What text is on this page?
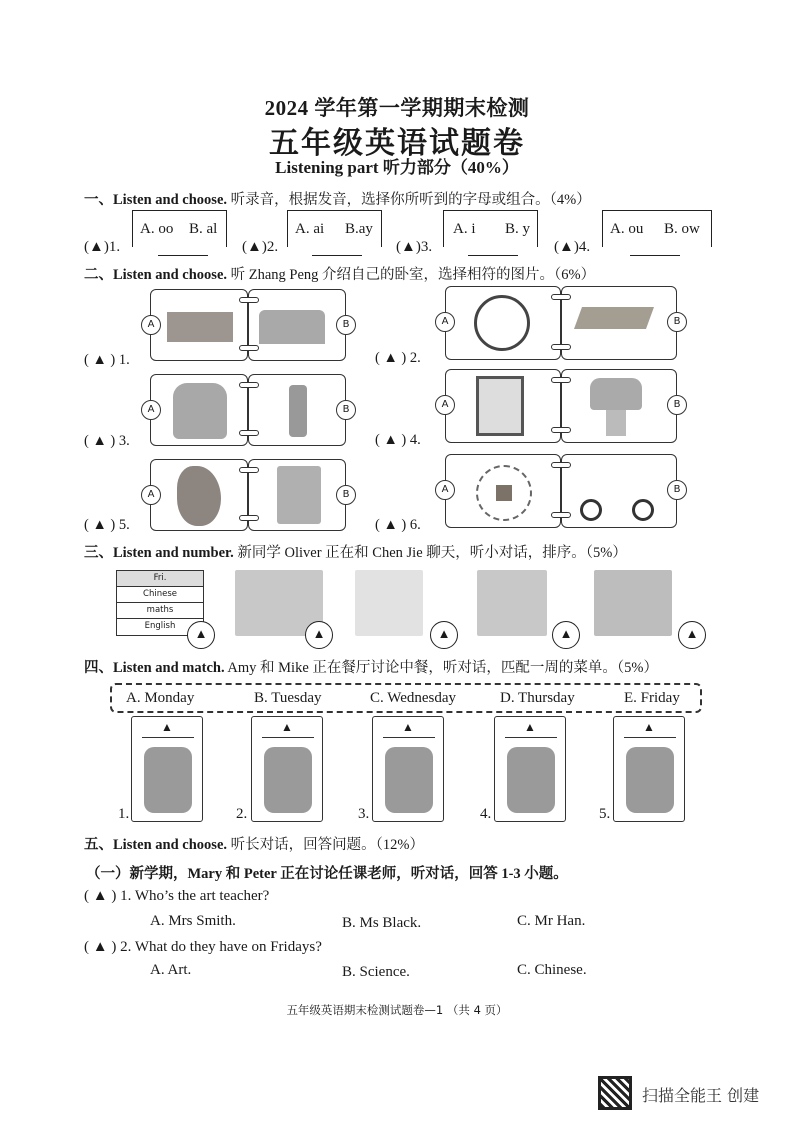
2024 学年第一学期期末检测
五年级英语试题卷
Listening part 听力部分（40%）
一、Listen and choose. 听录音，根据发音，选择你所听到的字母或组合。（4%）
(▲)1.
A. oo B. al
(▲)2.
A. ai B.ay
(▲)3.
A. i B. y
(▲)4.
A. ou B. ow
二、Listen and choose. 听 Zhang Peng 介绍自己的卧室，选择相符的图片。（6%）
A	B
( ▲ ) 1.
A	B
( ▲ ) 2.
A	B
( ▲ ) 3.
A	B
( ▲ ) 4.
A	B
( ▲ ) 5.
A	B
( ▲ ) 6.
三、Listen and number. 新同学 Oliver 正在和 Chen Jie 聊天，听小对话，排序。（5%）
Fri.
Chinese
maths
English	▲	▲	▲	▲	▲
四、Listen and match. Amy 和 Mike 正在餐厅讨论中餐，听对话，匹配一周的菜单。（5%）
A. Monday	B. Tuesday	C. Wednesday	D. Thursday	E. Friday
▲
1.
▲
2.
▲
3.
▲
4.
▲
5.
五、Listen and choose. 听长对话，回答问题。（12%）
（一）新学期，Mary 和 Peter 正在讨论任课老师，听对话，回答 1-3 小题。
( ▲ ) 1. Who’s the art teacher?
A. Mrs Smith.	B. Ms Black.	C. Mr Han.
( ▲ ) 2. What do they have on Fridays?
A. Art.	B. Science.	C. Chinese.
五年级英语期末检测试题卷—1 （共 4 页）
扫描全能王 创建
